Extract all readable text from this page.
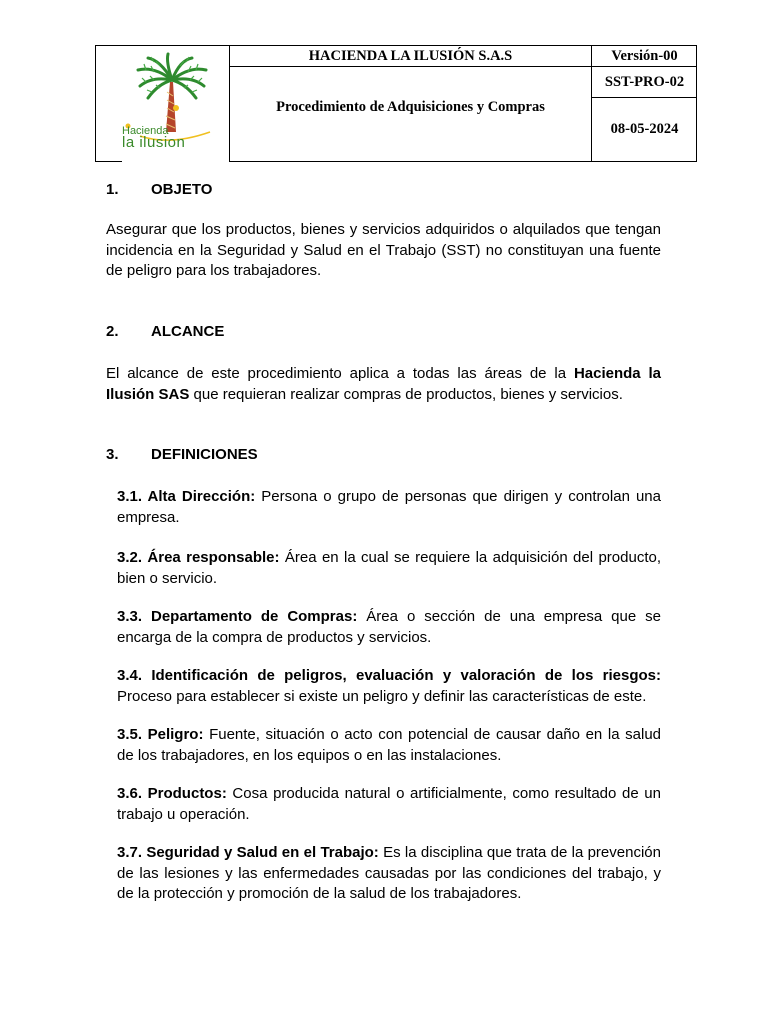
HACIENDA LA ILUSIÓN S.A.S
Procedimiento de Adquisiciones y Compras
Versión-00
SST-PRO-02
08-05-2024
Hacienda
la ilusion
1. OBJETO
Asegurar que los productos, bienes y servicios adquiridos o alquilados que tengan incidencia en la Seguridad y Salud en el Trabajo (SST) no constituyan una fuente de peligro para los trabajadores.
2. ALCANCE
El alcance de este procedimiento aplica a todas las áreas de la Hacienda la Ilusión SAS que requieran realizar compras de productos, bienes y servicios.
3. DEFINICIONES
3.1. Alta Dirección: Persona o grupo de personas que dirigen y controlan una empresa.
3.2. Área responsable: Área en la cual se requiere la adquisición del producto, bien o servicio.
3.3. Departamento de Compras: Área o sección de una empresa que se encarga de la compra de productos y servicios.
3.4. Identificación de peligros, evaluación y valoración de los riesgos: Proceso para establecer si existe un peligro y definir las características de este.
3.5. Peligro: Fuente, situación o acto con potencial de causar daño en la salud de los trabajadores, en los equipos o en las instalaciones.
3.6. Productos: Cosa producida natural o artificialmente, como resultado de un trabajo u operación.
3.7. Seguridad y Salud en el Trabajo: Es la disciplina que trata de la prevención de las lesiones y las enfermedades causadas por las condiciones del trabajo, y de la protección y promoción de la salud de los trabajadores.
